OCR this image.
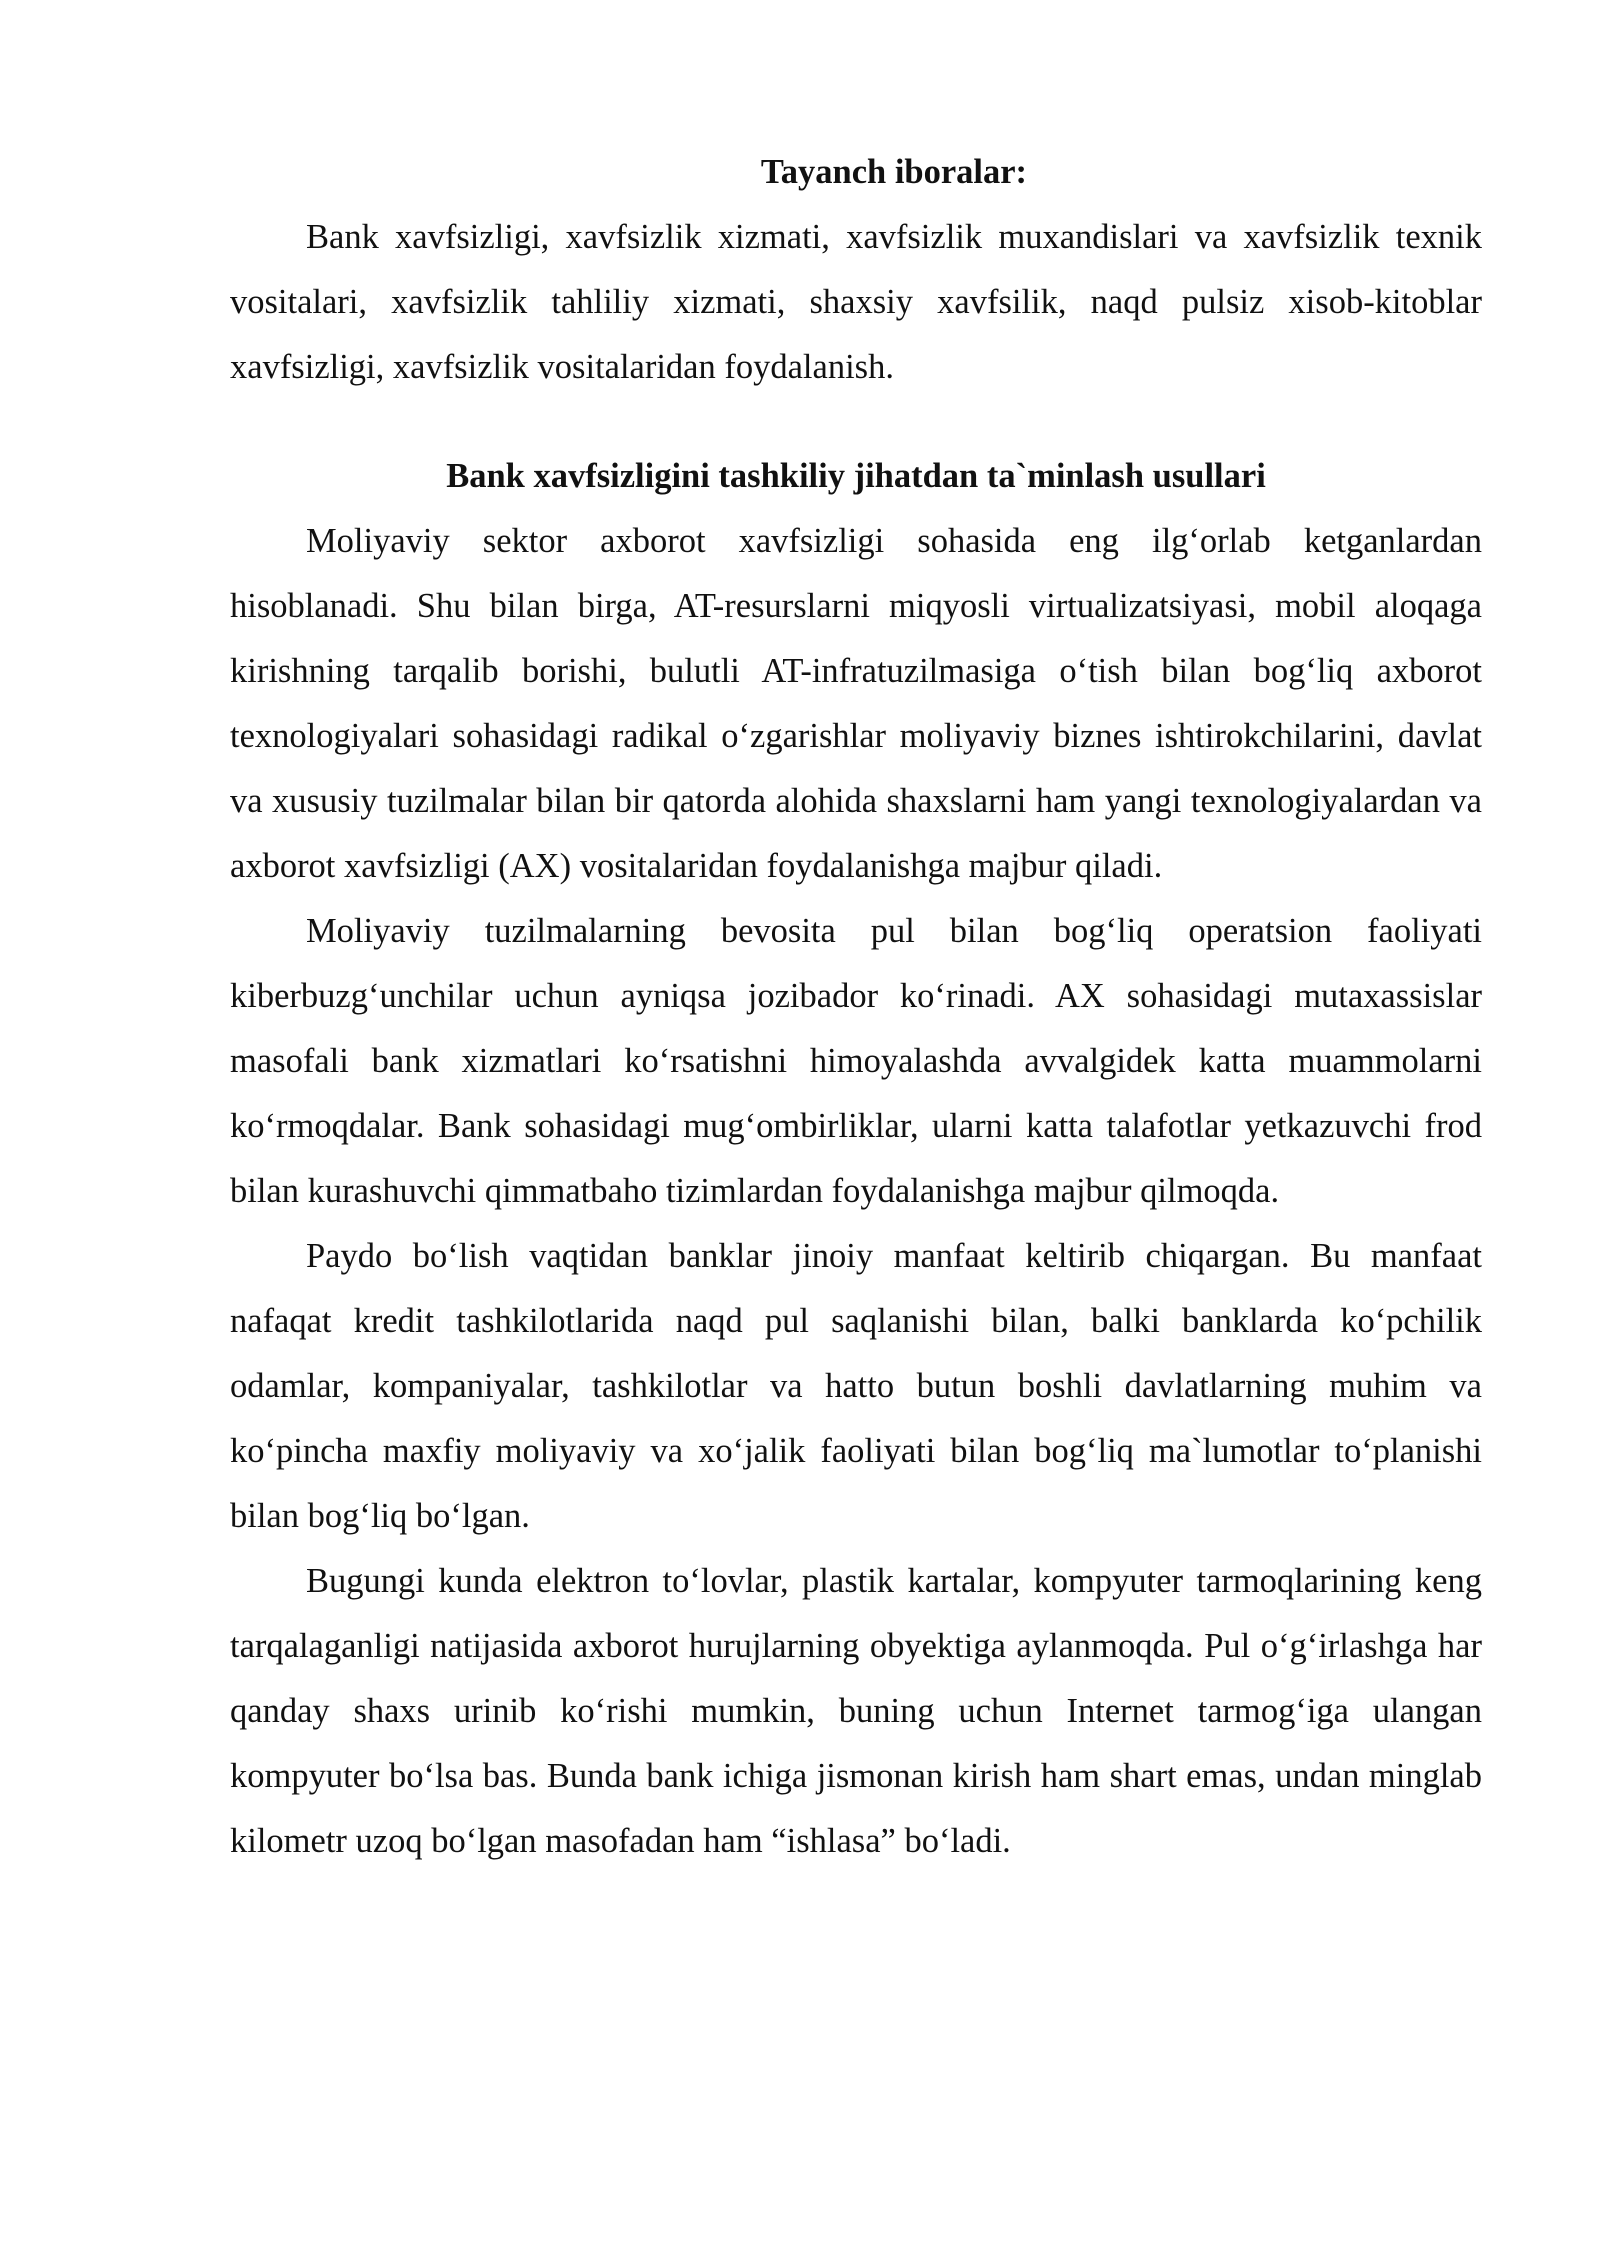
Tayanch iboralar:

Bank xavfsizligi, xavfsizlik xizmati, xavfsizlik muxandislari va xavfsizlik texnik vositalari, xavfsizlik tahliliy xizmati, shaxsiy xavfsilik, naqd pulsiz xisob-kitoblar xavfsizligi, xavfsizlik vositalaridan foydalanish.

Bank xavfsizligini tashkiliy jihatdan ta`minlash usullari

Moliyaviy sektor axborot xavfsizligi sohasida eng ilg‘orlab ketganlardan hisoblanadi. Shu bilan birga, AT-resurslarni miqyosli virtualizatsiyasi, mobil aloqaga kirishning tarqalib borishi, bulutli AT-infratuzilmasiga o‘tish bilan bog‘liq axborot texnologiyalari sohasidagi radikal o‘zgarishlar moliyaviy biznes ishtirokchilarini, davlat va xususiy tuzilmalar bilan bir qatorda alohida shaxslarni ham yangi texnologiyalardan va axborot xavfsizligi (AX) vositalaridan foydalanishga majbur qiladi.

Moliyaviy tuzilmalarning bevosita pul bilan bog‘liq operatsion faoliyati kiberbuzg‘unchilar uchun ayniqsa jozibador ko‘rinadi. AX sohasidagi mutaxassislar masofali bank xizmatlari ko‘rsatishni himoyalashda avvalgidek katta muammolarni ko‘rmoqdalar. Bank sohasidagi mug‘ombirliklar, ularni katta talafotlar yetkazuvchi frod bilan kurashuvchi qimmatbaho tizimlardan foydalanishga majbur qilmoqda.

Paydo bo‘lish vaqtidan banklar jinoiy manfaat keltirib chiqargan. Bu manfaat nafaqat kredit tashkilotlarida naqd pul saqlanishi bilan, balki banklarda ko‘pchilik odamlar, kompaniyalar, tashkilotlar va hatto butun boshli davlatlarning muhim va ko‘pincha maxfiy moliyaviy va xo‘jalik faoliyati bilan bog‘liq ma`lumotlar to‘planishi bilan bog‘liq bo‘lgan.

Bugungi kunda elektron to‘lovlar, plastik kartalar, kompyuter tarmoqlarining keng tarqalaganligi natijasida axborot hurujlarning obyektiga aylanmoqda. Pul o‘g‘irlashga har qanday shaxs urinib ko‘rishi mumkin, buning uchun Internet tarmog‘iga ulangan kompyuter bo‘lsa bas. Bunda bank ichiga jismonan kirish ham shart emas, undan minglab kilometr uzoq bo‘lgan masofadan ham “ishlasa” bo‘ladi.
